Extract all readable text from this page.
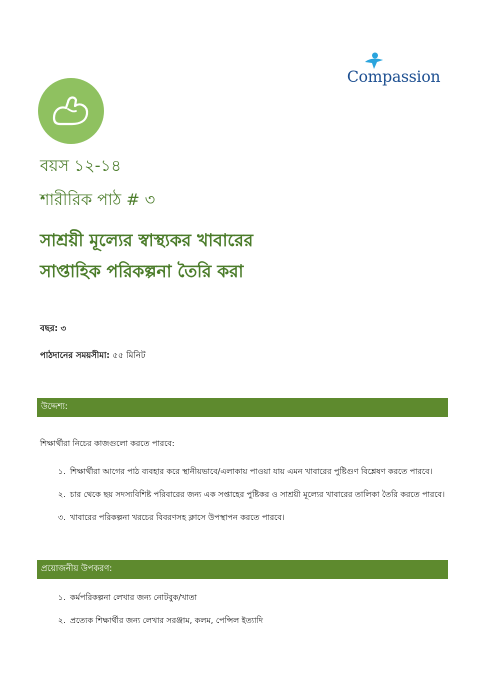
Compassion
বয়স ১২-১৪
শারীরিক পাঠ # ৩
সাশ্রয়ী মূল্যের স্বাস্থ্যকর খাবারের
সাপ্তাহিক পরিকল্পনা তৈরি করা
বছর: ৩
পাঠদানের সময়সীমা: ৫৫ মিনিট
উদ্দেশ্য:
শিক্ষার্থীরা নিচের কাজগুলো করতে পারবে:
১. শিক্ষার্থীরা আগের পাঠ ব্যবহার করে স্থানীয়ভাবে/এলাকায় পাওয়া যায় এমন খাবারের পুষ্টিগুণ বিশ্লেষণ করতে পারবে।
২. চার থেকে ছয় সদস্যবিশিষ্ট পরিবারের জন্য এক সপ্তাহের পুষ্টিকর ও সাশ্রয়ী মূল্যের খাবারের তালিকা তৈরি করতে পারবে।
৩. খাবারের পরিকল্পনা খরচের বিবরণসহ ক্লাসে উপস্থাপন করতে পারবে।
প্রয়োজনীয় উপকরণ:
১. কর্মপরিকল্পনা লেখার জন্য নোটবুক/খাতা
২. প্রত্যেক শিক্ষার্থীর জন্য লেখার সরঞ্জাম, কলম, পেন্সিল ইত্যাদি
